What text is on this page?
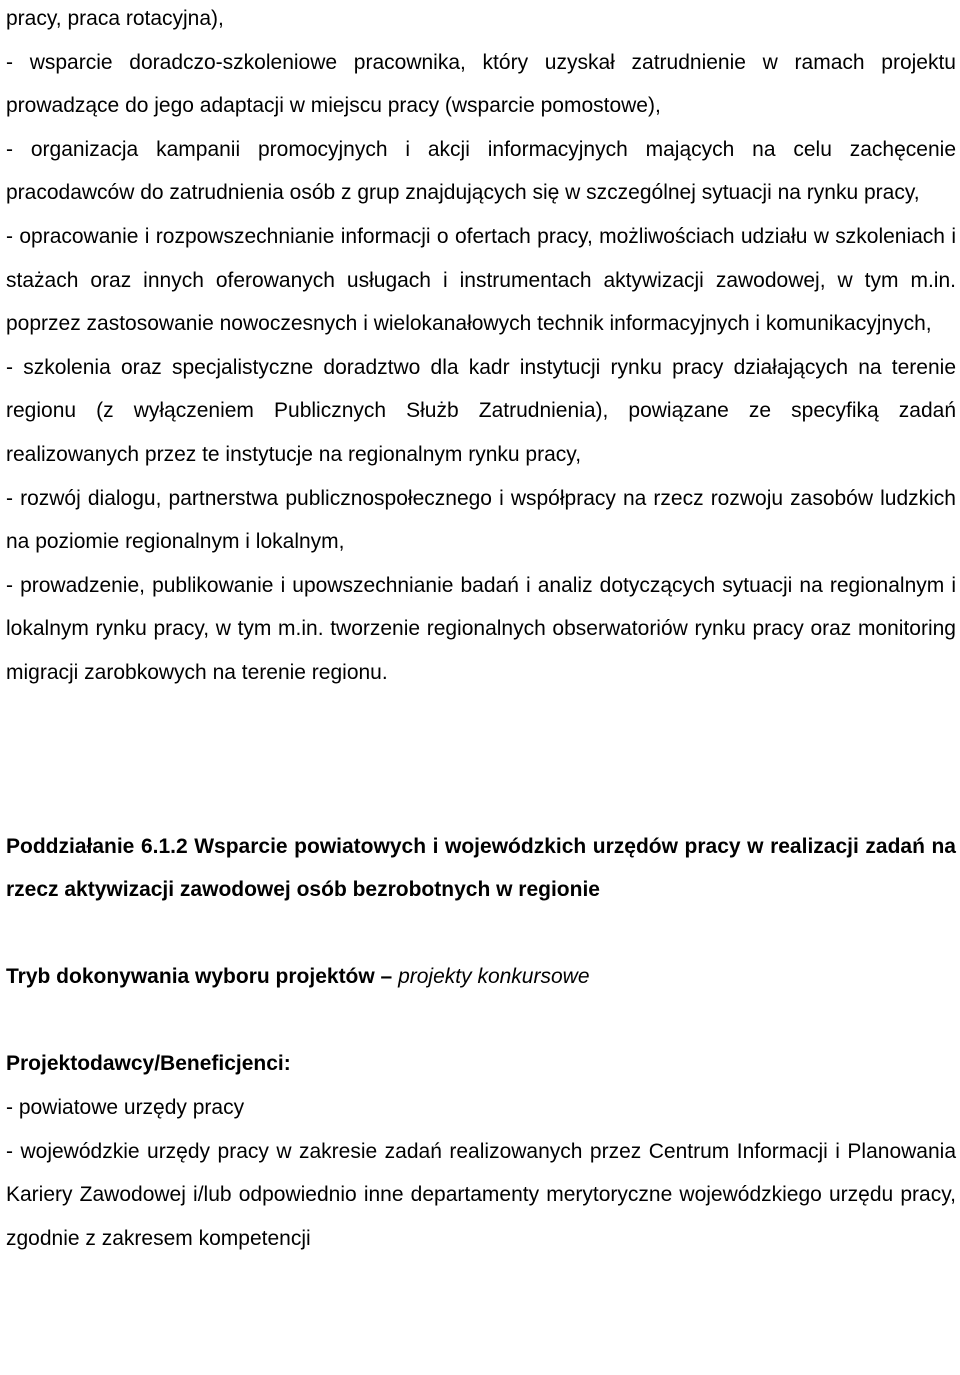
pracy, praca rotacyjna),

- wsparcie doradczo-szkoleniowe pracownika, który uzyskał zatrudnienie w ramach projektu prowadzące do jego adaptacji w miejscu pracy (wsparcie pomostowe),

- organizacja kampanii promocyjnych i akcji informacyjnych mających na celu zachęcenie pracodawców do zatrudnienia osób z grup znajdujących się w szczególnej sytuacji na rynku pracy,

- opracowanie i rozpowszechnianie informacji o ofertach pracy, możliwościach udziału w szkoleniach i stażach oraz innych oferowanych usługach i instrumentach aktywizacji zawodowej, w tym m.in. poprzez zastosowanie nowoczesnych i wielokanałowych technik informacyjnych i komunikacyjnych,

- szkolenia oraz specjalistyczne doradztwo dla kadr instytucji rynku pracy działających na terenie regionu (z wyłączeniem Publicznych Służb Zatrudnienia), powiązane ze specyfiką zadań realizowanych przez te instytucje na regionalnym rynku pracy,

- rozwój dialogu, partnerstwa publicznospołecznego i współpracy na rzecz rozwoju zasobów ludzkich na poziomie regionalnym i lokalnym,

- prowadzenie, publikowanie i upowszechnianie badań i analiz dotyczących sytuacji na regionalnym i lokalnym rynku pracy, w tym m.in. tworzenie regionalnych obserwatoriów rynku pracy oraz monitoring migracji zarobkowych na terenie regionu.

Poddziałanie 6.1.2 Wsparcie powiatowych i wojewódzkich urzędów pracy w realizacji zadań na rzecz aktywizacji zawodowej osób bezrobotnych w regionie

Tryb dokonywania wyboru projektów – projekty konkursowe

Projektodawcy/Beneficjenci:

- powiatowe urzędy pracy

- wojewódzkie urzędy pracy w zakresie zadań realizowanych przez Centrum Informacji i Planowania Kariery Zawodowej i/lub odpowiednio inne departamenty merytoryczne wojewódzkiego urzędu pracy, zgodnie z zakresem kompetencji
